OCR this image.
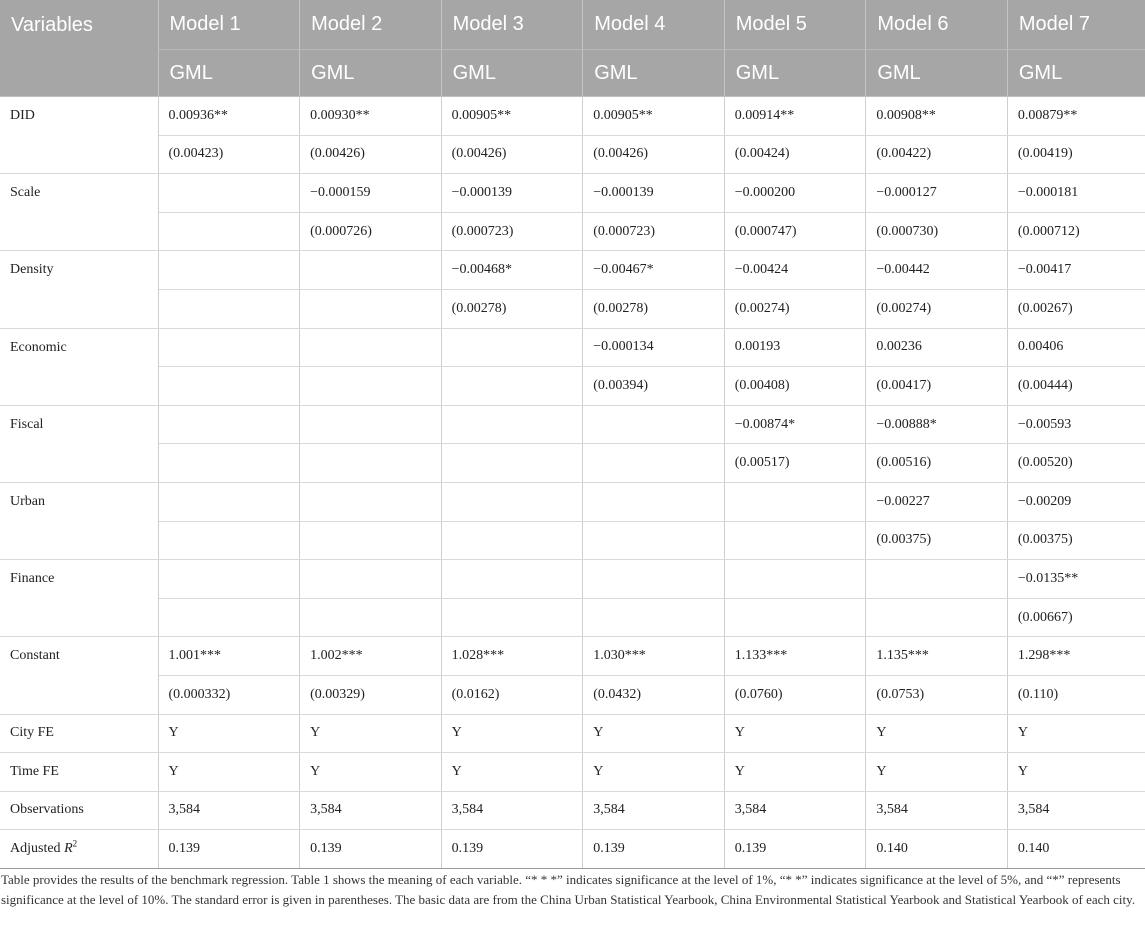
Variables	Model 1	Model 2	Model 3	Model 4	Model 5	Model 6	Model 7
	GML	GML	GML	GML	GML	GML	GML
DID	0.00936**	0.00930**	0.00905**	0.00905**	0.00914**	0.00908**	0.00879**
	(0.00423)	(0.00426)	(0.00426)	(0.00426)	(0.00424)	(0.00422)	(0.00419)
Scale		−0.000159	−0.000139	−0.000139	−0.000200	−0.000127	−0.000181
		(0.000726)	(0.000723)	(0.000723)	(0.000747)	(0.000730)	(0.000712)
Density			−0.00468*	−0.00467*	−0.00424	−0.00442	−0.00417
			(0.00278)	(0.00278)	(0.00274)	(0.00274)	(0.00267)
Economic				−0.000134	0.00193	0.00236	0.00406
				(0.00394)	(0.00408)	(0.00417)	(0.00444)
Fiscal					−0.00874*	−0.00888*	−0.00593
					(0.00517)	(0.00516)	(0.00520)
Urban						−0.00227	−0.00209
						(0.00375)	(0.00375)
Finance							−0.0135**
							(0.00667)
Constant	1.001***	1.002***	1.028***	1.030***	1.133***	1.135***	1.298***
	(0.000332)	(0.00329)	(0.0162)	(0.0432)	(0.0760)	(0.0753)	(0.110)
City FE	Y	Y	Y	Y	Y	Y	Y
Time FE	Y	Y	Y	Y	Y	Y	Y
Observations	3,584	3,584	3,584	3,584	3,584	3,584	3,584
Adjusted $R^2$	0.139	0.139	0.139	0.139	0.139	0.140	0.140

Table provides the results of the benchmark regression. Table 1 shows the meaning of each variable. “* * *” indicates significance at the level of 1%, “* *” indicates significance at the level of 5%, and “*” represents significance at the level of 10%. The standard error is given in parentheses. The basic data are from the China Urban Statistical Yearbook, China Environmental Statistical Yearbook and Statistical Yearbook of each city.
